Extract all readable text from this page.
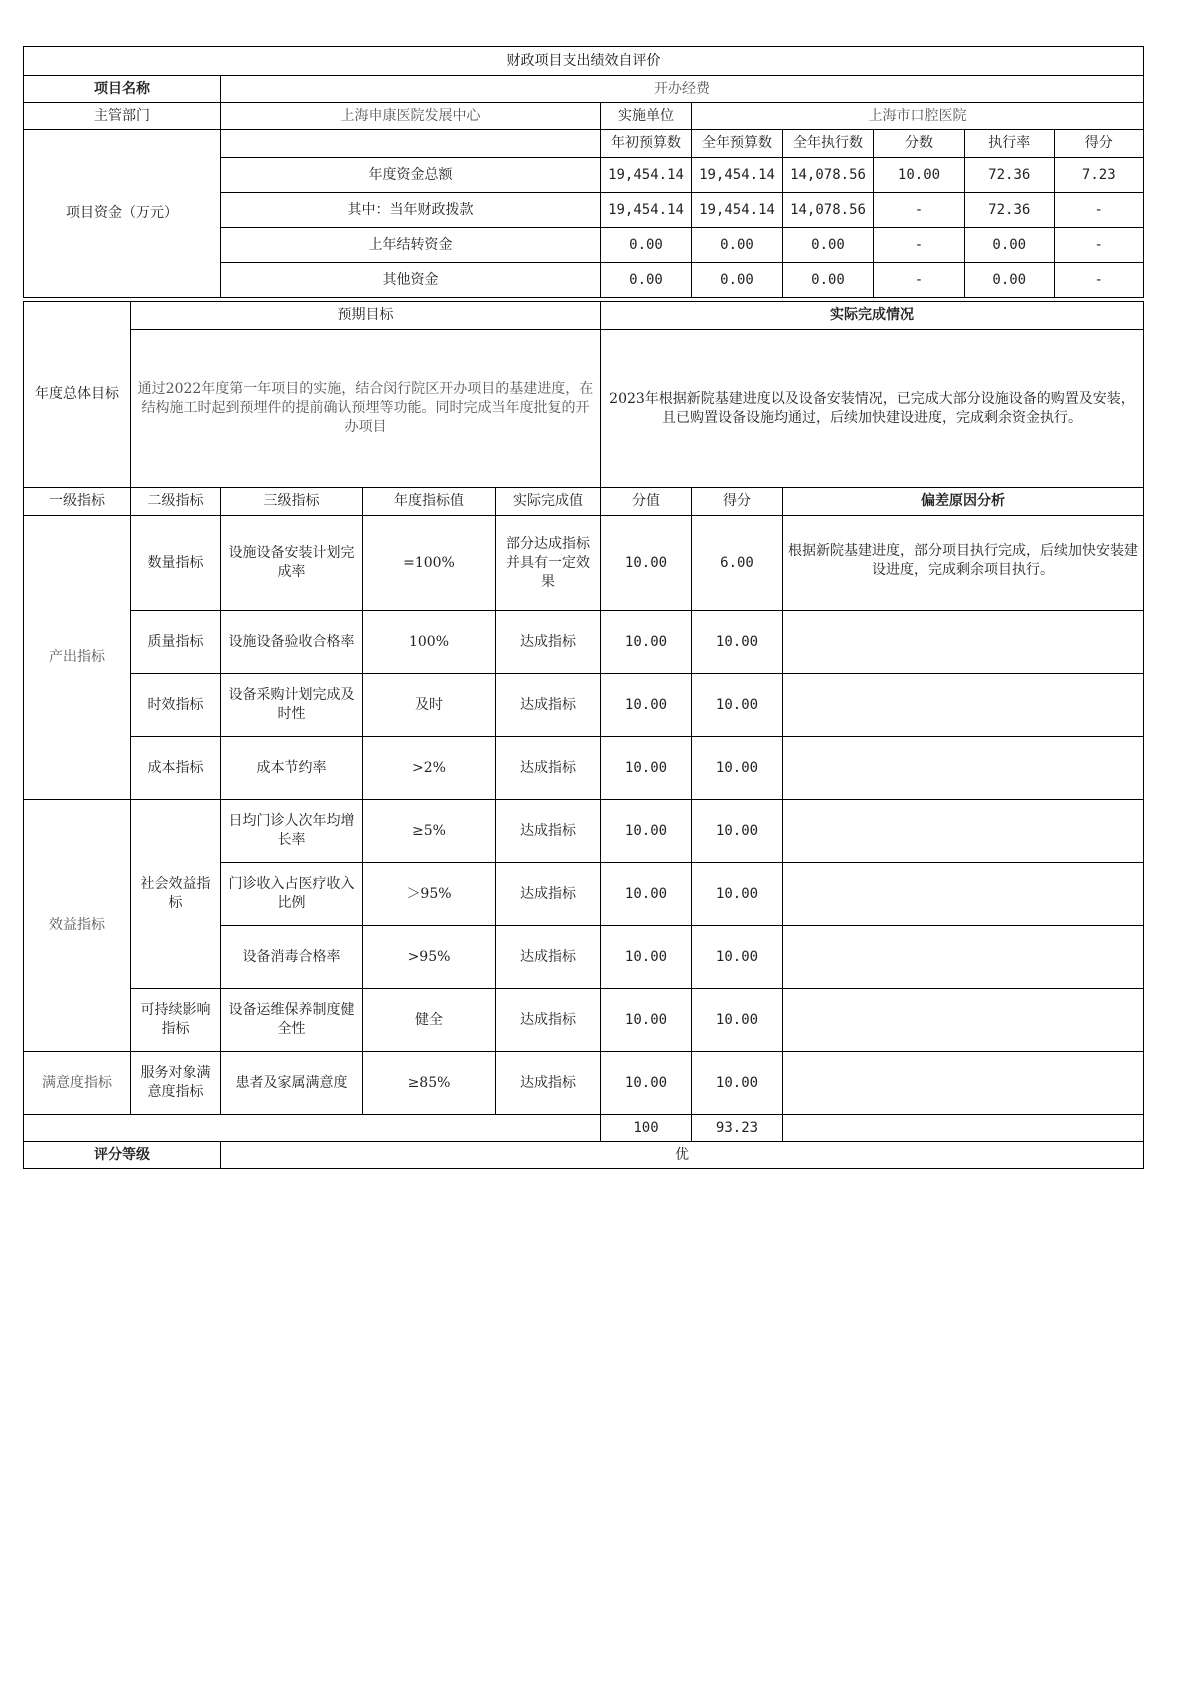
财政项目支出绩效自评价						
项目名称	开办经费					
主管部门	上海申康医院发展中心	实施单位	上海市口腔医院			
项目资金（万元）		年初预算数	全年预算数	全年执行数	分数	执行率 得分

	年度资金总额	19,454.14	19,454.14	14,078.56	10.00	72.36 7.23

	其中：当年财政拨款	19,454.14	19,454.14	14,078.56	-	72.36 -

	上年结转资金	0.00	0.00	0.00	-	0.00 -

	其他资金	0.00	0.00	0.00	-	0.00 -
年度总体目标	预期目标				实际完成情况		
	通过2022年度第一年项目的实施，结合闵行院区开办项目的基建进度，在结构施工时起到预埋件的提前确认预埋等功能。同时完成当年度批复的开办项目				2023年根据新院基建进度以及设备安装情况，已完成大部分设施设备的购置及安装，且已购置设备设施均通过，后续加快建设进度，完成剩余资金执行。		
一级指标	二级指标	三级指标	年度指标值	实际完成值	分值	得分	偏差原因分析
产出指标	数量指标	设施设备安装计划完成率	=100%	部分达成指标并具有一定效果	10.00	6.00	根据新院基建进度，部分项目执行完成，后续加快安装建设进度，完成剩余项目执行。
	质量指标	设施设备验收合格率	100%	达成指标	10.00	10.00	
	时效指标	设备采购计划完成及时性	及时	达成指标	10.00	10.00	
	成本指标	成本节约率	>2%	达成指标	10.00	10.00	
效益指标	社会效益指标	日均门诊人次年均增长率	≥5%	达成指标	10.00	10.00	
		门诊收入占医疗收入比例	＞95%	达成指标	10.00	10.00	
		设备消毒合格率	>95%	达成指标	10.00	10.00	
	可持续影响指标	设备运维保养制度健全性	健全	达成指标	10.00	10.00	
满意度指标	服务对象满意度指标	患者及家属满意度	≥85%	达成指标	10.00	10.00	
					100	93.23	
评分等级		优					
